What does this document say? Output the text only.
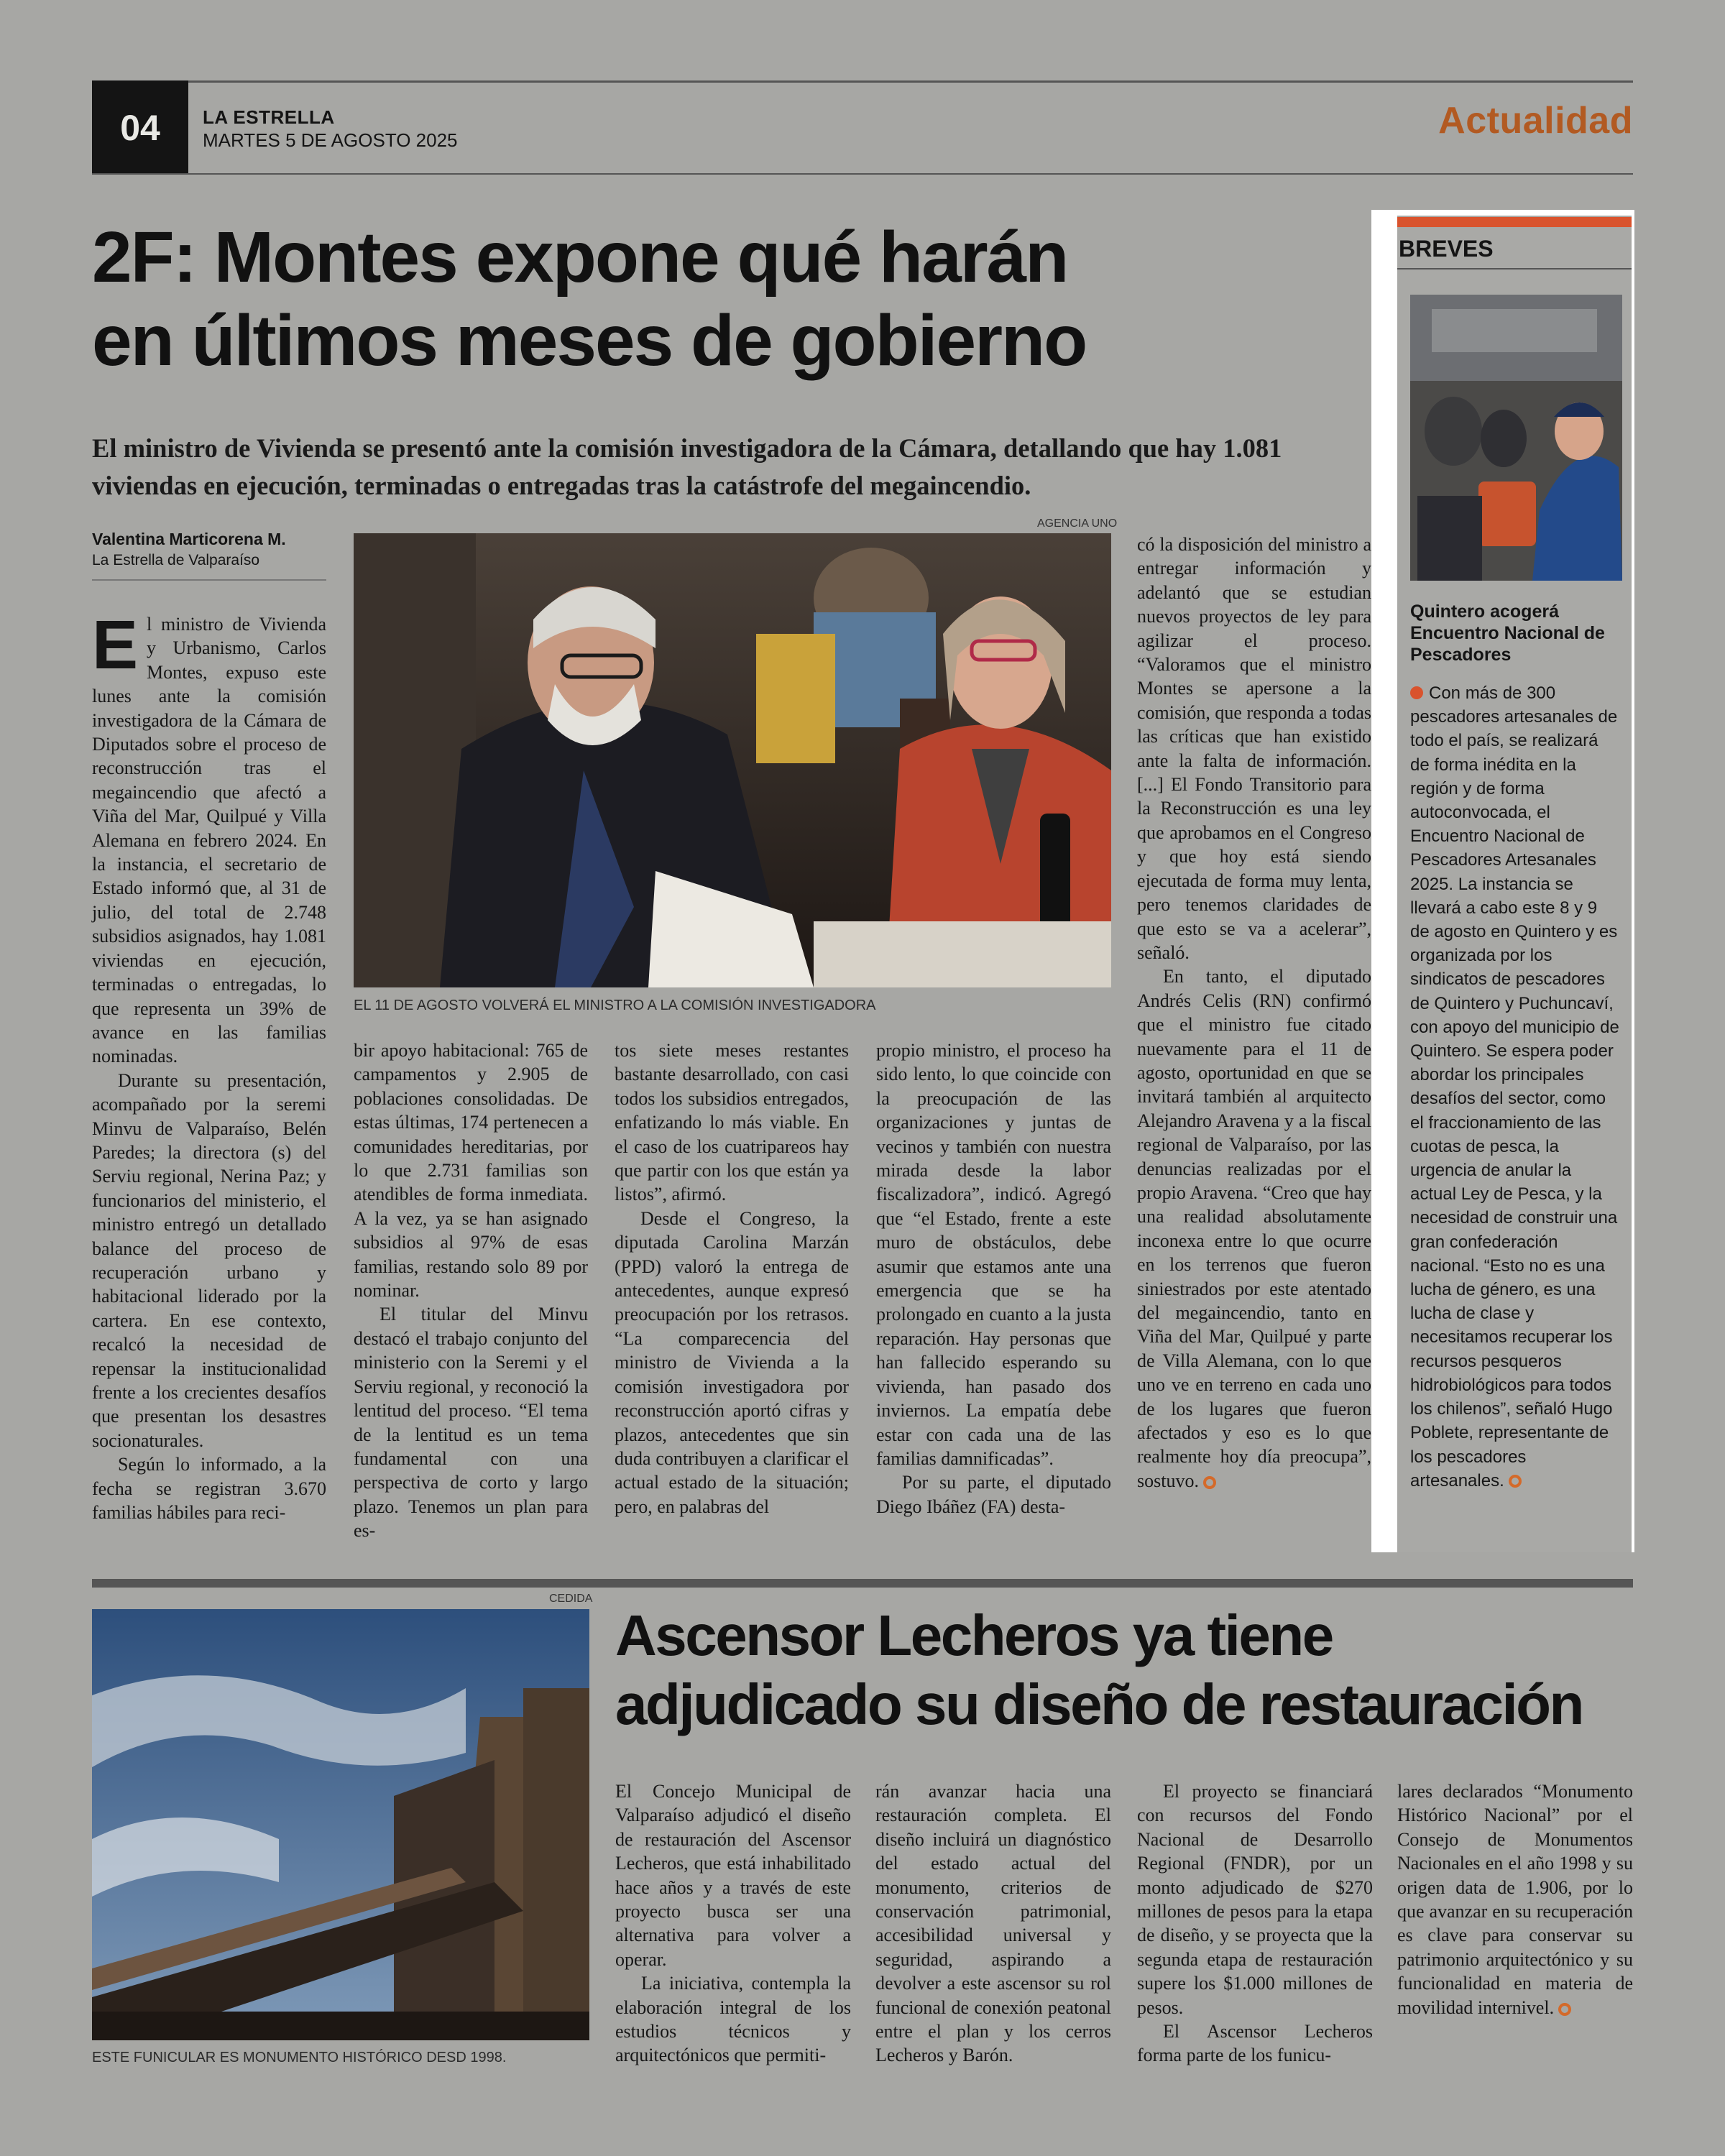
04 LA ESTRELLA
MARTES 5 DE AGOSTO 2025	Actualidad
2F: Montes expone qué harán
en últimos meses de gobierno
El ministro de Vivienda se presentó ante la comisión investigadora de la Cámara, detallando que hay 1.081 viviendas en ejecución, terminadas o entregadas tras la catástrofe del megaincendio.
Valentina Marticorena M.
La Estrella de Valparaíso

El ministro de Vivienda y Urbanismo, Carlos Montes, expuso este lunes ante la comisión investigadora de la Cámara de Diputados sobre el proceso de reconstrucción tras el megaincendio que afectó a Viña del Mar, Quilpué y Villa Alemana en febrero 2024. En la instancia, el secretario de Estado informó que, al 31 de julio, del total de 2.748 subsidios asignados, hay 1.081 viviendas en ejecución, terminadas o entregadas, lo que representa un 39% de avance en las familias nominadas.

Durante su presentación, acompañado por la seremi Minvu de Valparaíso, Belén Paredes; la directora (s) del Serviu regional, Nerina Paz; y funcionarios del ministerio, el ministro entregó un detallado balance del proceso de recuperación urbano y habitacional liderado por la cartera. En ese contexto, recalcó la necesidad de repensar la institucionalidad frente a los crecientes desafíos que presentan los desastres socionaturales.

Según lo informado, a la fecha se registran 3.670 familias hábiles para reci-

AGENCIA UNO
EL 11 DE AGOSTO VOLVERÁ EL MINISTRO A LA COMISIÓN INVESTIGADORA

bir apoyo habitacional: 765 de campamentos y 2.905 de poblaciones consolidadas. De estas últimas, 174 pertenecen a comunidades hereditarias, por lo que 2.731 familias son atendibles de forma inmediata. A la vez, ya se han asignado subsidios al 97% de esas familias, restando solo 89 por nominar.

El titular del Minvu destacó el trabajo conjunto del ministerio con la Seremi y el Serviu regional, y reconoció la lentitud del proceso. “El tema de la lentitud es un tema fundamental con una perspectiva de corto y largo plazo. Tenemos un plan para es-

tos siete meses restantes bastante desarrollado, con casi todos los subsidios entregados, enfatizando lo más viable. En el caso de los cuatripareos hay que partir con los que están ya listos”, afirmó.

Desde el Congreso, la diputada Carolina Marzán (PPD) valoró la entrega de antecedentes, aunque expresó preocupación por los retrasos. “La comparecencia del ministro de Vivienda a la comisión investigadora por reconstrucción aportó cifras y plazos, antecedentes que sin duda contribuyen a clarificar el actual estado de la situación; pero, en palabras del

propio ministro, el proceso ha sido lento, lo que coincide con la preocupación de las organizaciones y juntas de vecinos y también con nuestra mirada desde la labor fiscalizadora”, indicó. Agregó que “el Estado, frente a este muro de obstáculos, debe asumir que estamos ante una emergencia que se ha prolongado en cuanto a la justa reparación. Hay personas que han fallecido esperando su vivienda, han pasado dos inviernos. La empatía debe estar con cada una de las familias damnificadas”.

Por su parte, el diputado Diego Ibáñez (FA) desta-

có la disposición del ministro a entregar información y adelantó que se estudian nuevos proyectos de ley para agilizar el proceso. “Valoramos que el ministro Montes se apersone a la comisión, que responda a todas las críticas que han existido ante la falta de información. [...] El Fondo Transitorio para la Reconstrucción es una ley que aprobamos en el Congreso y que hoy está siendo ejecutada de forma muy lenta, pero tenemos claridades de que esto se va a acelerar”, señaló.

En tanto, el diputado Andrés Celis (RN) confirmó que el ministro fue citado nuevamente para el 11 de agosto, oportunidad en que se invitará también al arquitecto Alejandro Aravena y a la fiscal regional de Valparaíso, por las denuncias realizadas por el propio Aravena. “Creo que hay una realidad absolutamente inconexa entre lo que ocurre en los terrenos que fueron siniestrados por este atentado del megaincendio, tanto en Viña del Mar, Quilpué y parte de Villa Alemana, con lo que uno ve en terreno en cada uno de los lugares que fueron afectados y eso es lo que realmente hoy día preocupa”, sostuvo.

BREVES
Quintero acogerá Encuentro Nacional de Pescadores
Con más de 300 pescadores artesanales de todo el país, se realizará de forma inédita en la región y de forma autoconvocada, el Encuentro Nacional de Pescadores Artesanales 2025. La instancia se llevará a cabo este 8 y 9 de agosto en Quintero y es organizada por los sindicatos de pescadores de Quintero y Puchuncaví, con apoyo del municipio de Quintero. Se espera poder abordar los principales desafíos del sector, como el fraccionamiento de las cuotas de pesca, la urgencia de anular la actual Ley de Pesca, y la necesidad de construir una gran confederación nacional. “Esto no es una lucha de género, es una lucha de clase y necesitamos recuperar los recursos pesqueros hidrobiológicos para todos los chilenos”, señaló Hugo Poblete, representante de los pescadores artesanales.
CEDIDA
ESTE FUNICULAR ES MONUMENTO HISTÓRICO DESD 1998.
Ascensor Lecheros ya tiene
adjudicado su diseño de restauración

El Concejo Municipal de Valparaíso adjudicó el diseño de restauración del Ascensor Lecheros, que está inhabilitado hace años y a través de este proyecto busca ser una alternativa para volver a operar.

La iniciativa, contempla la elaboración integral de los estudios técnicos y arquitectónicos que permiti-

rán avanzar hacia una restauración completa. El diseño incluirá un diagnóstico del estado actual del monumento, criterios de conservación patrimonial, accesibilidad universal y seguridad, aspirando a devolver a este ascensor su rol funcional de conexión peatonal entre el plan y los cerros Lecheros y Barón.

El proyecto se financiará con recursos del Fondo Nacional de Desarrollo Regional (FNDR), por un monto adjudicado de $270 millones de pesos para la etapa de diseño, y se proyecta que la segunda etapa de restauración supere los $1.000 millones de pesos.

El Ascensor Lecheros forma parte de los funicu-

lares declarados “Monumento Histórico Nacional” por el Consejo de Monumentos Nacionales en el año 1998 y su origen data de 1.906, por lo que avanzar en su recuperación es clave para conservar su patrimonio arquitectónico y su funcionalidad en materia de movilidad internivel.
